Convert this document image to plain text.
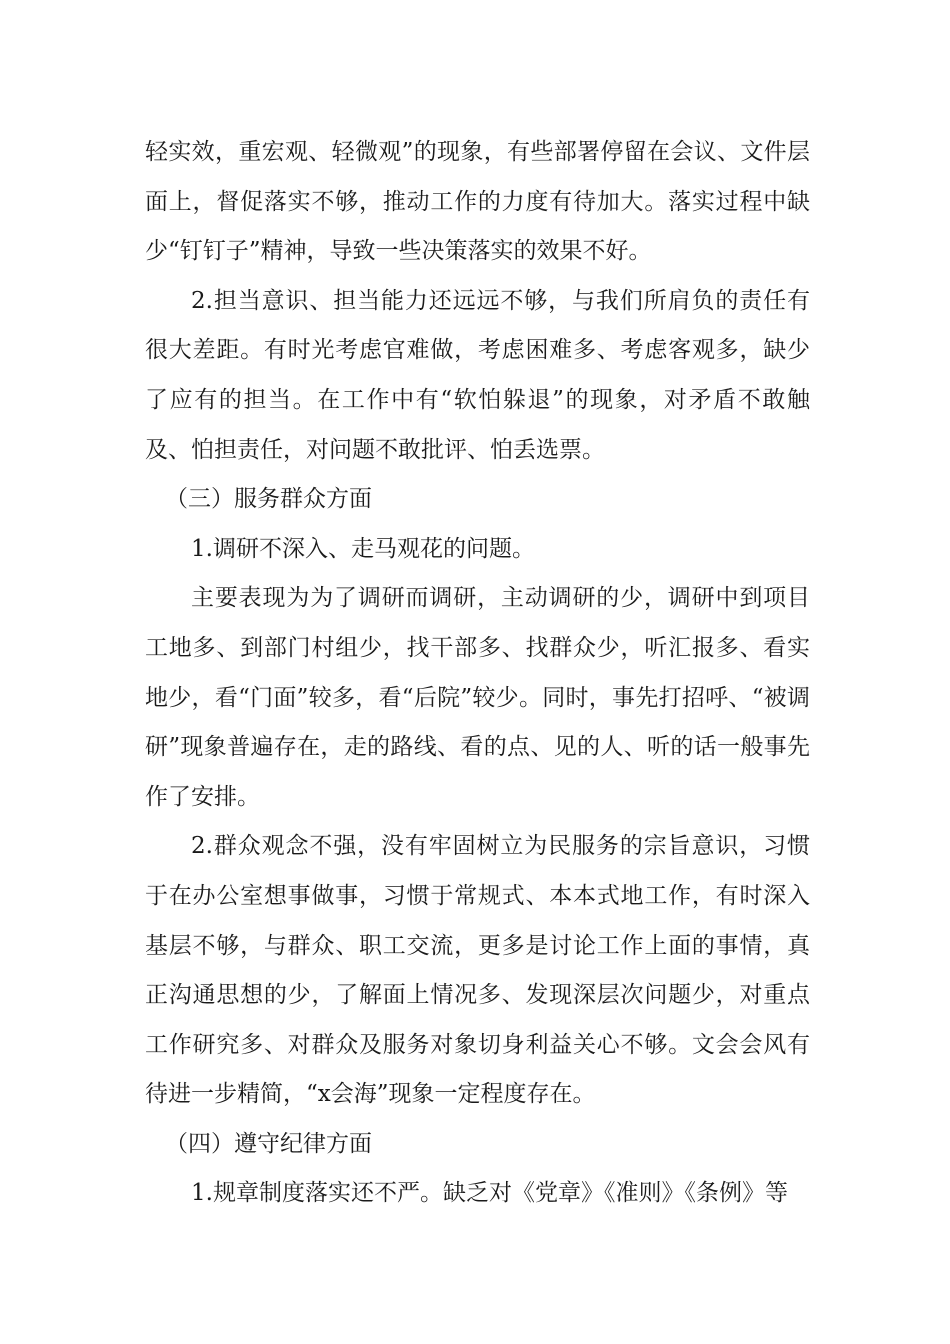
轻实效，重宏观、轻微观”的现象，有些部署停留在会议、文件层面上，督促落实不够，推动工作的力度有待加大。落实过程中缺少“钉钉子”精神，导致一些决策落实的效果不好。

2.担当意识、担当能力还远远不够，与我们所肩负的责任有很大差距。有时光考虑官难做，考虑困难多、考虑客观多，缺少了应有的担当。在工作中有“软怕躲退”的现象，对矛盾不敢触及、怕担责任，对问题不敢批评、怕丢选票。

（三）服务群众方面

1.调研不深入、走马观花的问题。

主要表现为为了调研而调研，主动调研的少，调研中到项目工地多、到部门村组少，找干部多、找群众少，听汇报多、看实地少，看“门面”较多，看“后院”较少。同时，事先打招呼、“被调研”现象普遍存在，走的路线、看的点、见的人、听的话一般事先作了安排。

2.群众观念不强，没有牢固树立为民服务的宗旨意识，习惯于在办公室想事做事，习惯于常规式、本本式地工作，有时深入基层不够，与群众、职工交流，更多是讨论工作上面的事情，真正沟通思想的少，了解面上情况多、发现深层次问题少，对重点工作研究多、对群众及服务对象切身利益关心不够。文会会风有待进一步精简，“x会海”现象一定程度存在。

（四）遵守纪律方面

1.规章制度落实还不严。缺乏对《党章》《准则》《条例》等
